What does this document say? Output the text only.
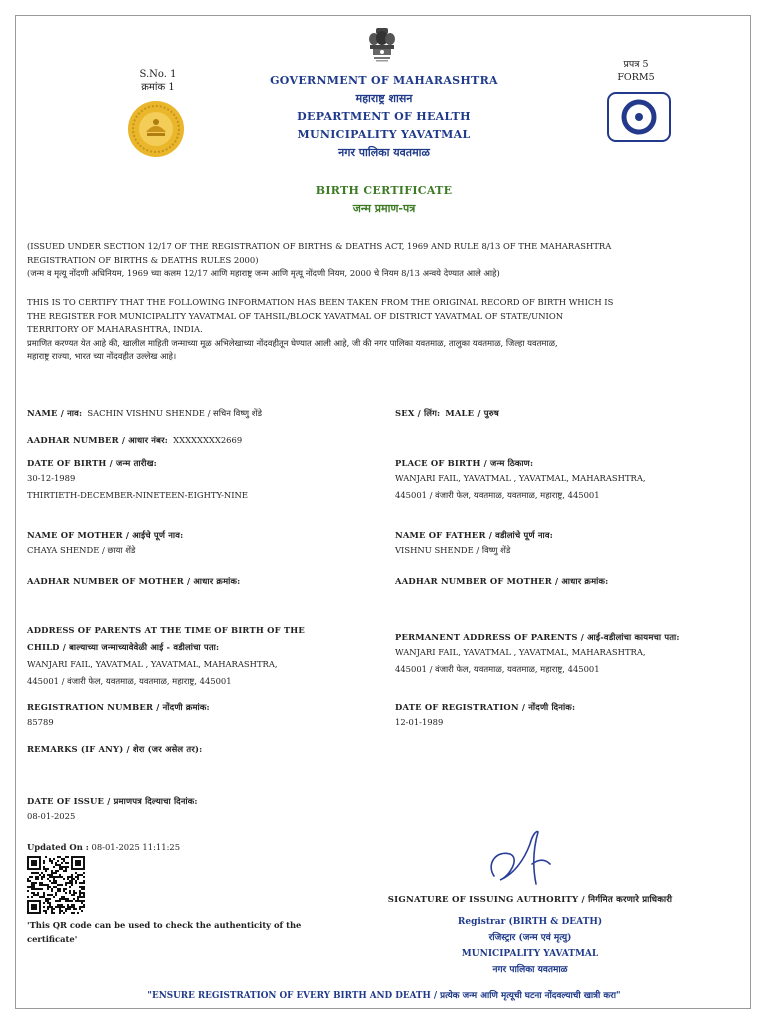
S.No. 1
क्रमांक 1
प्रपत्र 5
FORM5
GOVERNMENT OF MAHARASHTRA
महाराष्ट्र शासन
DEPARTMENT OF HEALTH
MUNICIPALITY YAVATMAL
नगर पालिका यवतमाळ
BIRTH CERTIFICATE
जन्म प्रमाण-पत्र
(ISSUED UNDER SECTION 12/17 OF THE REGISTRATION OF BIRTHS & DEATHS ACT, 1969 AND RULE 8/13 OF THE MAHARASHTRA
REGISTRATION OF BIRTHS & DEATHS RULES 2000)
(जन्म व मृत्यू नोंदणी अधिनियम, 1969 च्या कलम 12/17 आणि महाराष्ट्र जन्म आणि मृत्यू नोंदणी नियम, 2000 चे नियम 8/13 अन्वये देण्यात आले आहे)
THIS IS TO CERTIFY THAT THE FOLLOWING INFORMATION HAS BEEN TAKEN FROM THE ORIGINAL RECORD OF BIRTH WHICH IS
THE REGISTER FOR MUNICIPALITY YAVATMAL OF TAHSIL/BLOCK YAVATMAL OF DISTRICT YAVATMAL OF STATE/UNION
TERRITORY OF MAHARASHTRA, INDIA.
प्रमाणित करण्यत येत आहे की, खालील माहिती जन्माच्या मूळ अभिलेखाच्या नोंदवहीतून घेण्यात आली आहे, जी की नगर पालिका यवतमाळ, तालुका यवतमाळ, जिल्हा यवतमाळ,
महाराष्ट्र राज्या, भारत च्या नोंदवहीत उल्लेख आहे।
NAME / नाव: SACHIN VISHNU SHENDE / सचिन विष्णु शेंडे	SEX / लिंग: MALE / पुरुष
AADHAR NUMBER / आधार नंबर: XXXXXXXX2669
DATE OF BIRTH / जन्म तारीख:
30-12-1989
THIRTIETH-DECEMBER-NINETEEN-EIGHTY-NINE
PLACE OF BIRTH / जन्म ठिकाण:
WANJARI FAIL, YAVATMAL , YAVATMAL, MAHARASHTRA,
445001 / वंजारी फेल, यवतमाळ, यवतमाळ, महाराष्ट्र, 445001
NAME OF MOTHER / आईचे पूर्ण नाव:
CHAYA SHENDE / छाया शेंडे
NAME OF FATHER / वडीलांचे पूर्ण नाव:
VISHNU SHENDE / विष्णु शेंडे
AADHAR NUMBER OF MOTHER / आधार क्रमांक:	AADHAR NUMBER OF MOTHER / आधार क्रमांक:
ADDRESS OF PARENTS AT THE TIME OF BIRTH OF THE
CHILD / बाल्याच्या जन्माच्यावेवेळी आई - वडीलांचा पता:
WANJARI FAIL, YAVATMAL , YAVATMAL, MAHARASHTRA,
445001 / वंजारी फेल, यवतमाळ, यवतमाळ, महाराष्ट्र, 445001
PERMANENT ADDRESS OF PARENTS / आई-वडीलांचा कायमचा पता:
WANJARI FAIL, YAVATMAL , YAVATMAL, MAHARASHTRA,
445001 / वंजारी फेल, यवतमाळ, यवतमाळ, महाराष्ट्र, 445001
REGISTRATION NUMBER / नोंदणी क्रमांक:
85789
DATE OF REGISTRATION / नोंदणी दिनांक:
12-01-1989
REMARKS (IF ANY) / शेरा (जर असेल तर):
DATE OF ISSUE / प्रमाणपत्र दिल्याचा दिनांक:
08-01-2025
Updated On : 08-01-2025 11:11:25
'This QR code can be used to check the authenticity of the
certificate'
SIGNATURE OF ISSUING AUTHORITY / निर्गमित करणारे प्राधिकारी
Registrar (BIRTH & DEATH)
रजिस्ट्रार (जन्म एवं मृत्यु)
MUNICIPALITY YAVATMAL
नगर पालिका यवतमाळ
"ENSURE REGISTRATION OF EVERY BIRTH AND DEATH / प्रत्येक जन्म आणि मृत्यूची घटना नोंदवल्याची खात्री करा"
